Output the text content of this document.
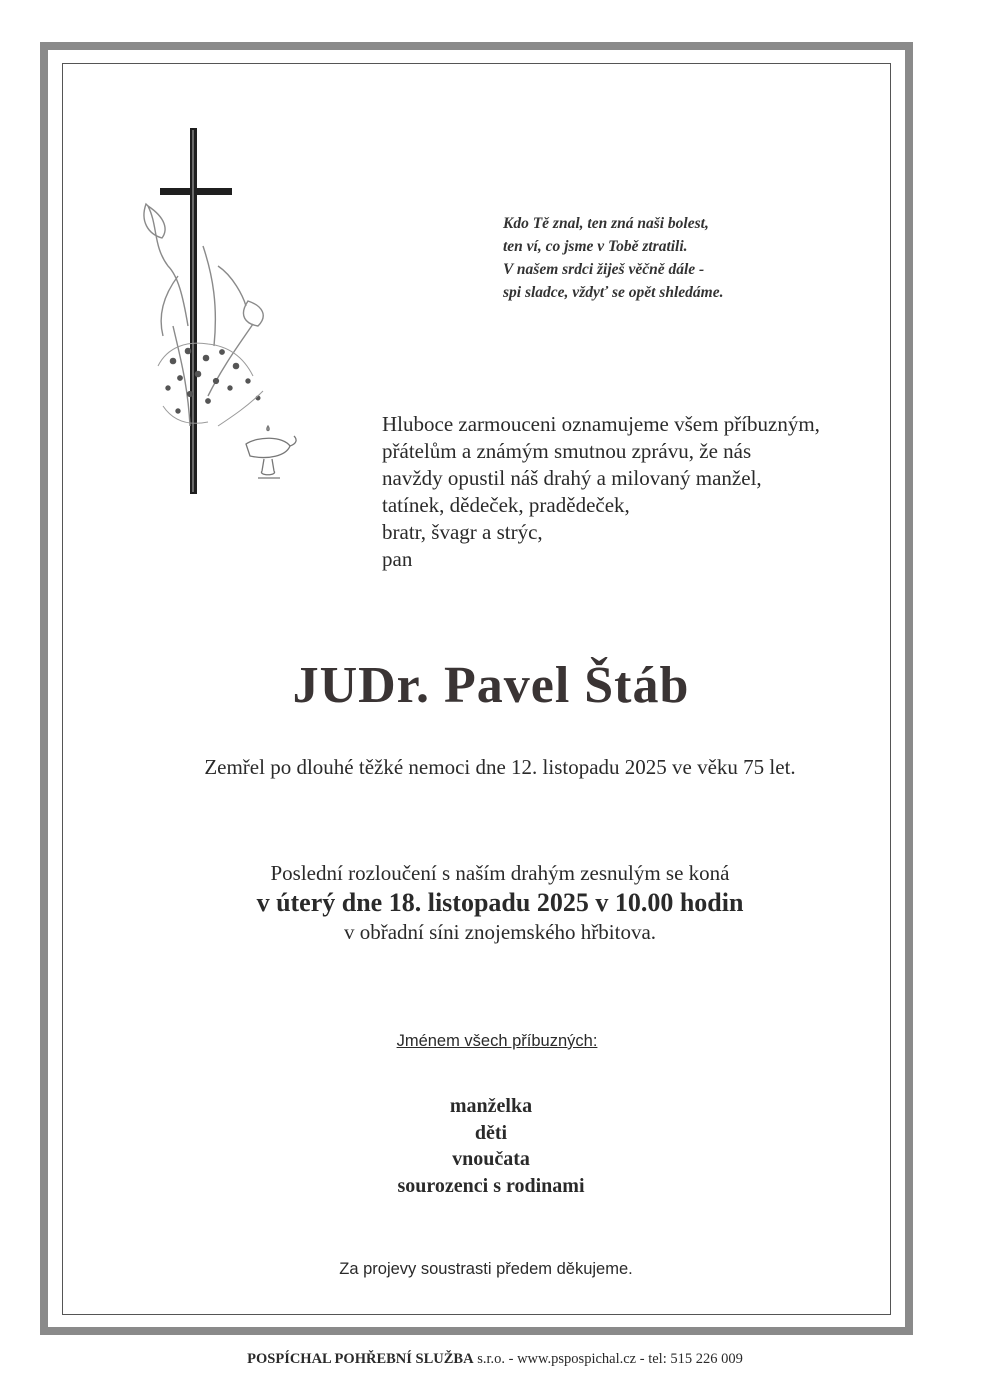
Kdo Tě znal, ten zná naši bolest,
ten ví, co jsme v Tobě ztratili.
V našem srdci žiješ věčně dále -
spi sladce, vždyť se opět shledáme.
Hluboce zarmouceni oznamujeme všem příbuzným,
přátelům a známým smutnou zprávu, že nás
navždy opustil náš drahý a milovaný manžel,
tatínek, dědeček, pradědeček,
bratr, švagr a strýc,
pan
JUDr. Pavel Štáb
Zemřel po dlouhé těžké nemoci dne 12. listopadu 2025 ve věku 75 let.
Poslední rozloučení s naším drahým zesnulým se koná
v úterý dne 18. listopadu 2025 v 10.00 hodin
v obřadní síni znojemského hřbitova.
Jménem všech příbuzných:
manželka
děti
vnoučata
sourozenci s rodinami
Za projevy soustrasti předem děkujeme.
POSPÍCHAL POHŘEBNÍ SLUŽBA s.r.o. - www.pspospichal.cz - tel: 515 226 009
